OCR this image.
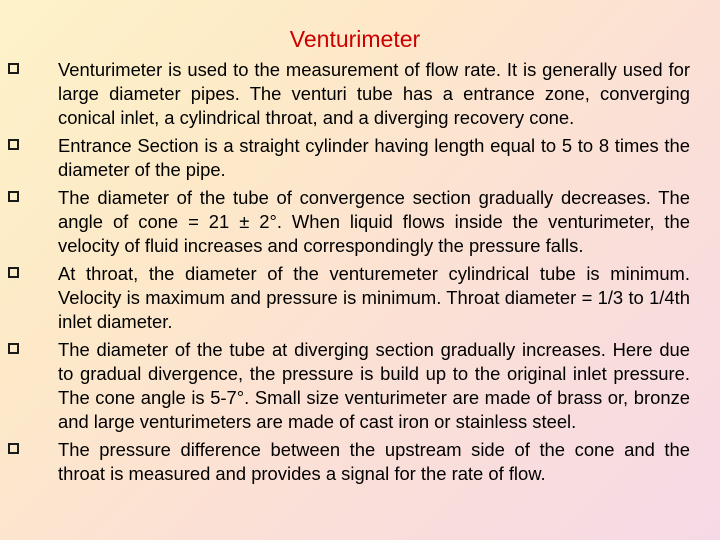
Venturimeter
Venturimeter is used to the measurement of flow rate. It is generally used for large diameter pipes. The venturi tube has a entrance zone, converging conical inlet, a cylindrical throat, and a diverging recovery cone.
Entrance Section is a straight cylinder having length equal to 5 to 8 times the diameter of the pipe.
The diameter of the tube of convergence section gradually decreases. The angle of cone = 21 ± 2°. When liquid flows inside the venturimeter, the velocity of fluid increases and correspondingly the pressure falls.
At throat, the diameter of the venturemeter cylindrical tube is minimum. Velocity is maximum and pressure is minimum. Throat diameter = 1/3 to 1/4th inlet diameter.
The diameter of the tube at diverging section gradually increases. Here due to gradual divergence, the pressure is build up to the original inlet pressure. The cone angle is 5-7°. Small size venturimeter are made of brass or, bronze and large venturimeters are made of cast iron or stainless steel.
The pressure difference between the upstream side of the cone and the throat is measured and provides a signal for the rate of flow.
